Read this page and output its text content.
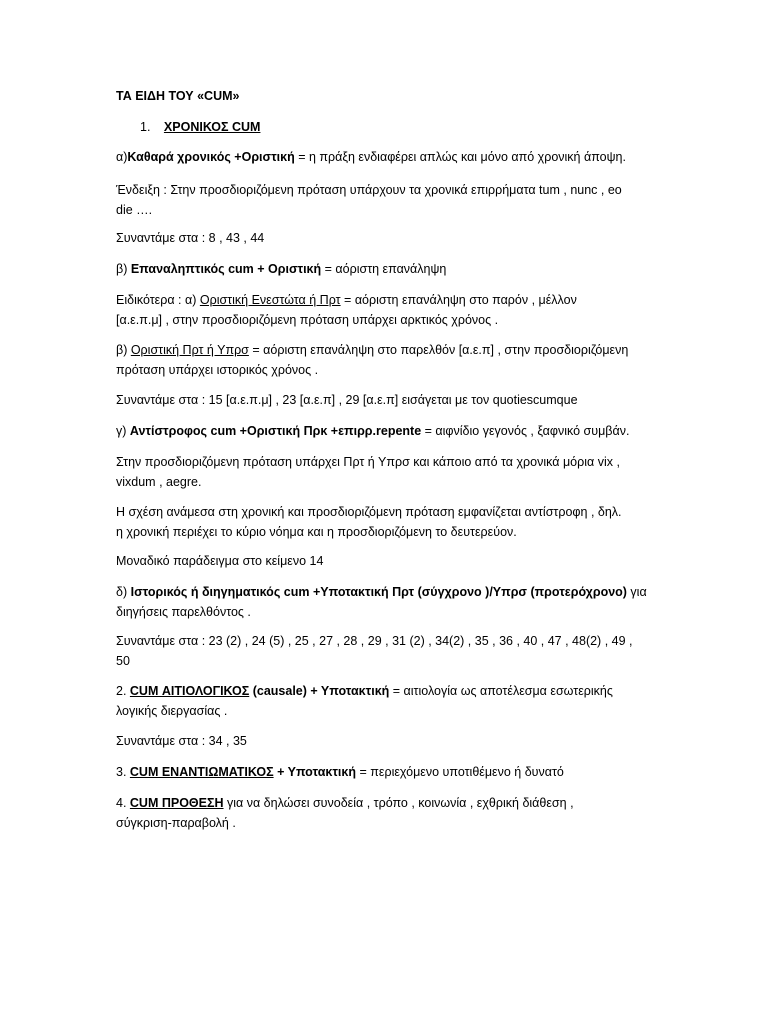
ΤΑ ΕΙΔΗ ΤΟΥ «CUM»

1. ΧΡΟΝΙΚΟΣ CUM

α)Καθαρά χρονικός +Οριστική = η πράξη ενδιαφέρει απλώς και μόνο από χρονική άποψη.

Ένδειξη : Στην προσδιοριζόμενη πρόταση υπάρχουν τα χρονικά επιρρήματα tum , nunc , eo
die ….

Συναντάμε στα : 8 , 43 , 44

β) Επαναληπτικός cum + Οριστική = αόριστη επανάληψη

Ειδικότερα : α) Οριστική Ενεστώτα ή Πρτ = αόριστη επανάληψη στο παρόν , μέλλον
[α.ε.π.μ] , στην προσδιοριζόμενη πρόταση υπάρχει αρκτικός χρόνος .

β) Οριστική Πρτ ή Υπρσ = αόριστη επανάληψη στο παρελθόν [α.ε.π] , στην προσδιοριζόμενη
πρόταση υπάρχει ιστορικός χρόνος .

Συναντάμε στα : 15 [α.ε.π.μ] , 23 [α.ε.π] , 29 [α.ε.π] εισάγεται με τον quotiescumque

γ) Αντίστροφος cum +Οριστική Πρκ +επιρρ.repente = αιφνίδιο γεγονός , ξαφνικό συμβάν.

Στην προσδιοριζόμενη πρόταση υπάρχει Πρτ ή Υπρσ και κάποιο από τα χρονικά μόρια vix ,
vixdum , aegre.

Η σχέση ανάμεσα στη χρονική και προσδιοριζόμενη πρόταση εμφανίζεται αντίστροφη , δηλ.
η χρονική περιέχει το κύριο νόημα και η προσδιοριζόμενη το δευτερεύον.

Μοναδικό παράδειγμα στο κείμενο 14

δ) Ιστορικός ή διηγηματικός cum +Υποτακτική Πρτ (σύγχρονο )/Υπρσ (προτερόχρονο) για
διηγήσεις παρελθόντος .

Συναντάμε στα : 23 (2) , 24 (5) , 25 , 27 , 28 , 29 , 31 (2) , 34(2) , 35 , 36 , 40 , 47 , 48(2) , 49 ,
50

2. CUM ΑΙΤΙΟΛΟΓΙΚΟΣ (causale) + Υποτακτική = αιτιολογία ως αποτέλεσμα εσωτερικής
λογικής διεργασίας .

Συναντάμε στα : 34 , 35

3. CUM ΕΝΑΝΤΙΩΜΑΤΙΚΟΣ + Υποτακτική = περιεχόμενο υποτιθέμενο ή δυνατό

4. CUM ΠΡΟΘΕΣΗ για να δηλώσει συνοδεία , τρόπο , κοινωνία , εχθρική διάθεση ,
σύγκριση-παραβολή .
